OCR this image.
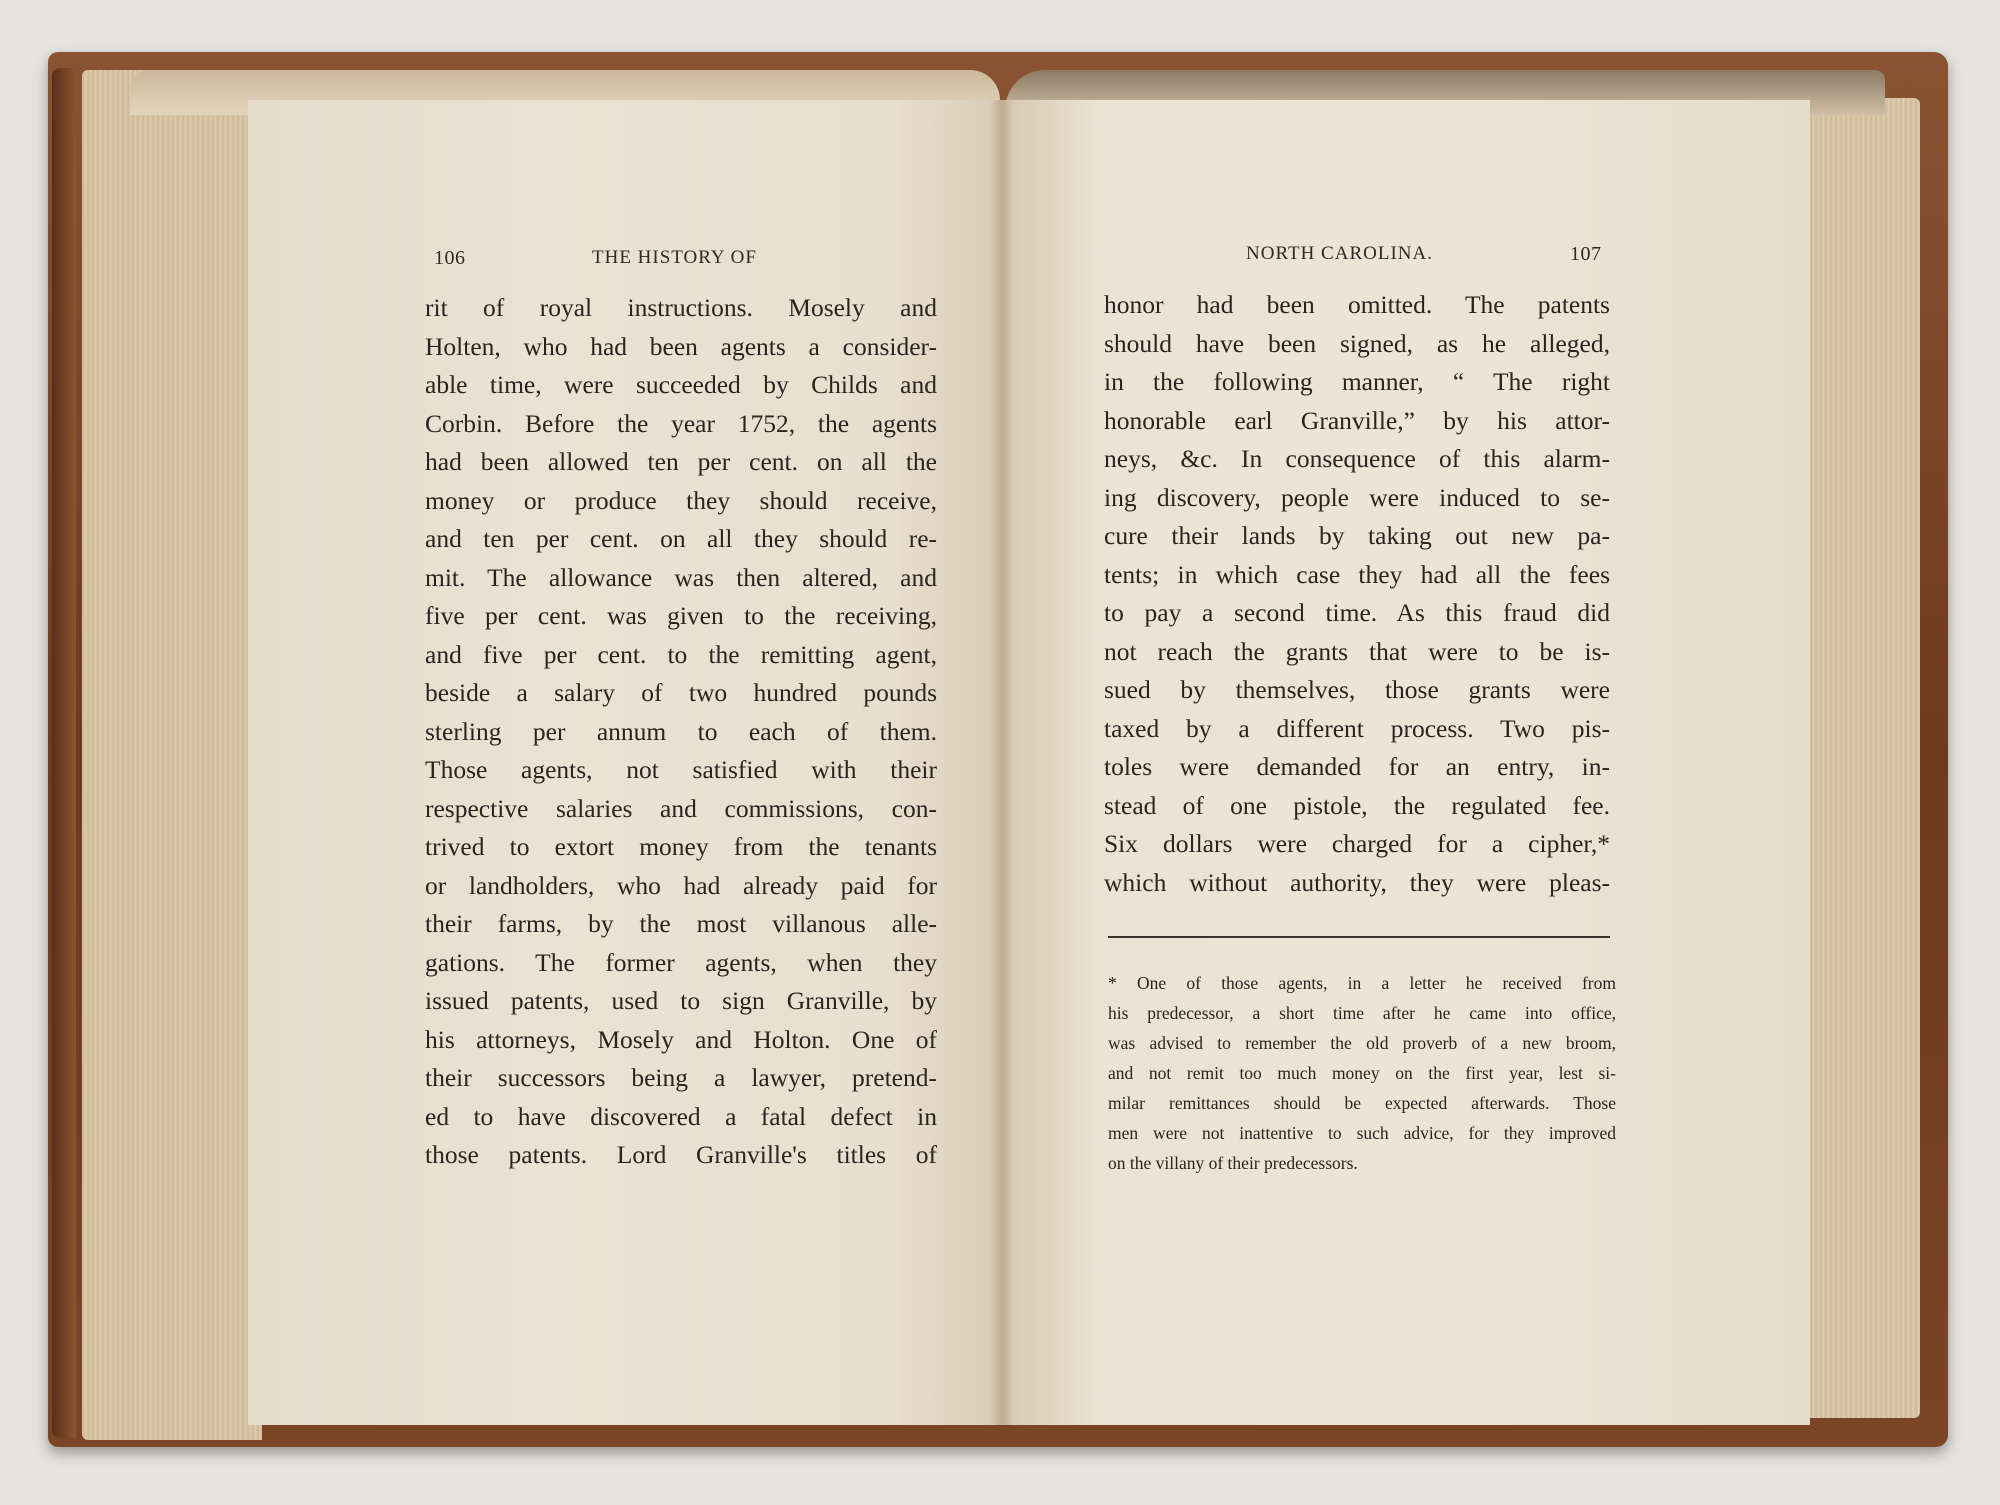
106	THE HISTORY OF	NORTH CAROLINA.	107
rit of royal instructions. Mosely and
Holten, who had been agents a consider-
able time, were succeeded by Childs and
Corbin. Before the year 1752, the agents
had been allowed ten per cent. on all the
money or produce they should receive,
and ten per cent. on all they should re-
mit. The allowance was then altered, and
five per cent. was given to the receiving,
and five per cent. to the remitting agent,
beside a salary of two hundred pounds
sterling per annum to each of them.
Those agents, not satisfied with their
respective salaries and commissions, con-
trived to extort money from the tenants
or landholders, who had already paid for
their farms, by the most villanous alle-
gations. The former agents, when they
issued patents, used to sign Granville, by
his attorneys, Mosely and Holton. One of
their successors being a lawyer, pretend-
ed to have discovered a fatal defect in
those patents. Lord Granville's titles of
honor had been omitted. The patents
should have been signed, as he alleged,
in the following manner, “ The right
honorable earl Granville,” by his attor-
neys, &c. In consequence of this alarm-
ing discovery, people were induced to se-
cure their lands by taking out new pa-
tents; in which case they had all the fees
to pay a second time. As this fraud did
not reach the grants that were to be is-
sued by themselves, those grants were
taxed by a different process. Two pis-
toles were demanded for an entry, in-
stead of one pistole, the regulated fee.
Six dollars were charged for a cipher,*
which without authority, they were pleas-
* One of those agents, in a letter he received from
his predecessor, a short time after he came into office,
was advised to remember the old proverb of a new broom,
and not remit too much money on the first year, lest si-
milar remittances should be expected afterwards. Those
men were not inattentive to such advice, for they improved
on the villany of their predecessors.
